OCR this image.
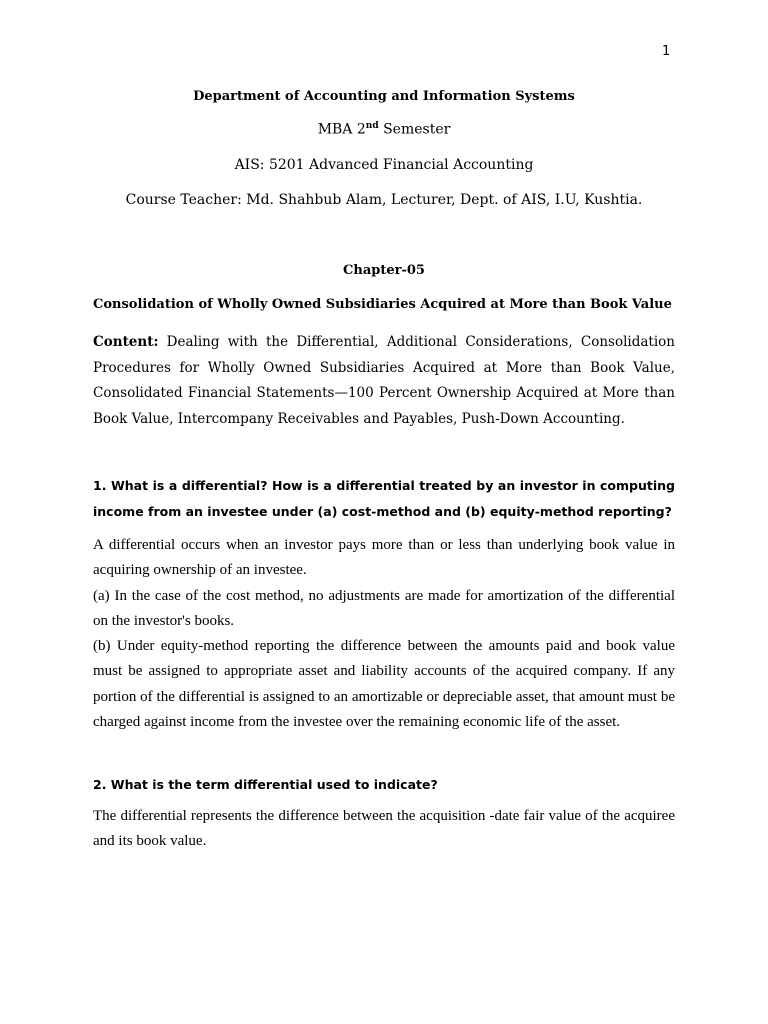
1
Department of Accounting and Information Systems
MBA 2nd Semester
AIS: 5201 Advanced Financial Accounting
Course Teacher: Md. Shahbub Alam, Lecturer, Dept. of AIS, I.U, Kushtia.
Chapter-05
Consolidation of Wholly Owned Subsidiaries Acquired at More than Book Value
Content: Dealing with the Differential, Additional Considerations, Consolidation Procedures for Wholly Owned Subsidiaries Acquired at More than Book Value, Consolidated Financial Statements—100 Percent Ownership Acquired at More than Book Value, Intercompany Receivables and Payables, Push-Down Accounting.
1. What is a differential? How is a differential treated by an investor in computing income from an investee under (a) cost-method and (b) equity-method reporting?

A differential occurs when an investor pays more than or less than underlying book value in acquiring ownership of an investee.

(a) In the case of the cost method, no adjustments are made for amortization of the differential on the investor's books.

(b) Under equity-method reporting the difference between the amounts paid and book value must be assigned to appropriate asset and liability accounts of the acquired company. If any portion of the differential is assigned to an amortizable or depreciable asset, that amount must be charged against income from the investee over the remaining economic life of the asset.

2. What is the term differential used to indicate?

The differential represents the difference between the acquisition -date fair value of the acquiree and its book value.
